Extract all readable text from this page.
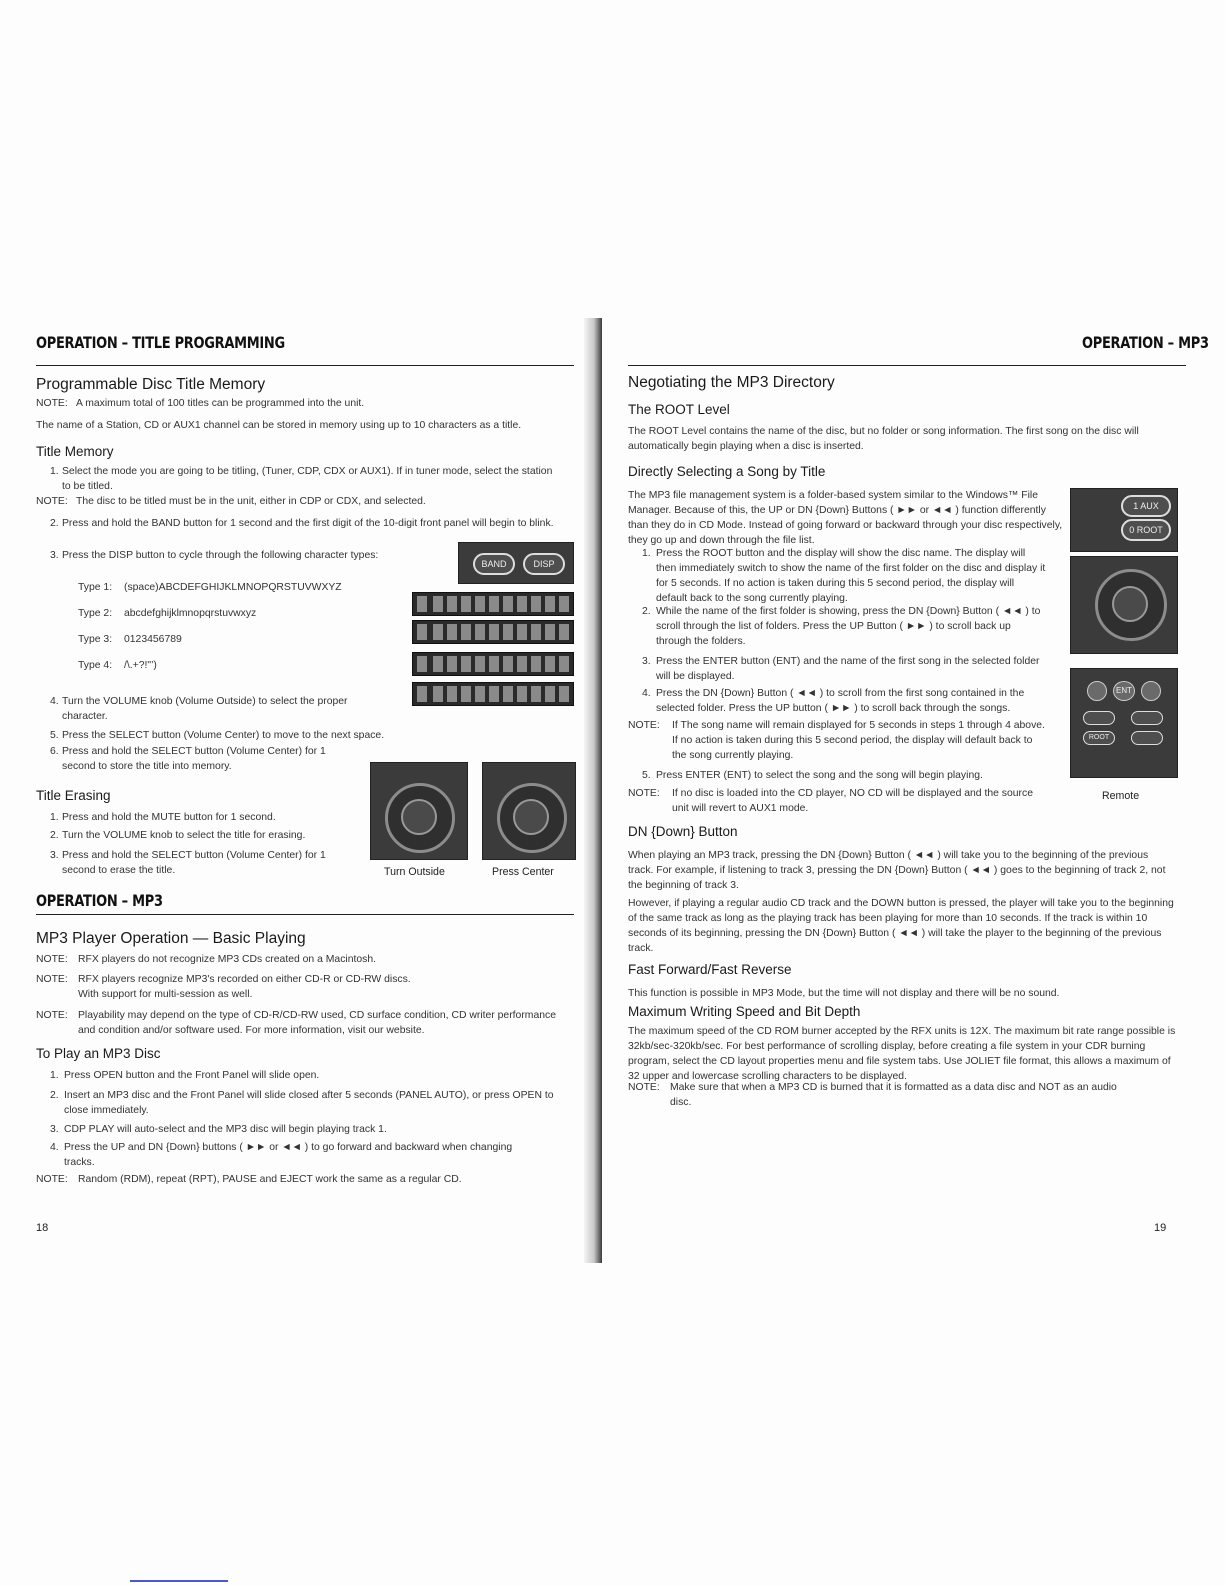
OPERATION – TITLE PROGRAMMING
Programmable Disc Title Memory
NOTE: A maximum total of 100 titles can be programmed into the unit.
The name of a Station, CD or AUX1 channel can be stored in memory using up to 10 characters as a title.
Title Memory
1. Select the mode you are going to be titling, (Tuner, CDP, CDX or AUX1). If in tuner mode, select the station to be titled.
NOTE: The disc to be titled must be in the unit, either in CDP or CDX, and selected.
2. Press and hold the BAND button for 1 second and the first digit of the 10-digit front panel will begin to blink.
3. Press the DISP button to cycle through the following character types:
BAND	DISP
Type 1: (space)ABCDEFGHIJKLMNOPQRSTUVWXYZ
Type 2: abcdefghijklmnopqrstuvwxyz
Type 3: 0123456789
Type 4: /\.+?!"’)
4. Turn the VOLUME knob (Volume Outside) to select the proper character.
5. Press the SELECT button (Volume Center) to move to the next space.
6. Press and hold the SELECT button (Volume Center) for 1 second to store the title into memory.
Title Erasing
1. Press and hold the MUTE button for 1 second.
2. Turn the VOLUME knob to select the title for erasing.
3. Press and hold the SELECT button (Volume Center) for 1 second to erase the title.	Turn Outside	Press Center
OPERATION – MP3
MP3 Player Operation — Basic Playing
NOTE: RFX players do not recognize MP3 CDs created on a Macintosh.
NOTE: RFX players recognize MP3's recorded on either CD-R or CD-RW discs. With support for multi-session as well.
NOTE: Playability may depend on the type of CD-R/CD-RW used, CD surface condition, CD writer performance and condition and/or software used. For more information, visit our website.
To Play an MP3 Disc
1. Press OPEN button and the Front Panel will slide open.
2. Insert an MP3 disc and the Front Panel will slide closed after 5 seconds (PANEL AUTO), or press OPEN to close immediately.
3. CDP PLAY will auto-select and the MP3 disc will begin playing track 1.
4. Press the UP and DN {Down} buttons ( ►► or ◄◄ ) to go forward and backward when changing tracks.
NOTE: Random (RDM), repeat (RPT), PAUSE and EJECT work the same as a regular CD.
18
OPERATION – MP3
Negotiating the MP3 Directory
The ROOT Level
The ROOT Level contains the name of the disc, but no folder or song information. The first song on the disc will automatically begin playing when a disc is inserted.
Directly Selecting a Song by Title
The MP3 file management system is a folder-based system similar to the Windows™ File Manager. Because of this, the UP or DN {Down} Buttons ( ►► or ◄◄ ) function differently than they do in CD Mode. Instead of going forward or backward through your disc respectively, they go up and down through the file list.
1. Press the ROOT button and the display will show the disc name. The display will then immediately switch to show the name of the first folder on the disc and display it for 5 seconds. If no action is taken during this 5 second period, the display will default back to the song currently playing.
2. While the name of the first folder is showing, press the DN {Down} Button ( ◄◄ ) to scroll through the list of folders. Press the UP Button ( ►► ) to scroll back up through the folders.
3. Press the ENTER button (ENT) and the name of the first song in the selected folder will be displayed.
4. Press the DN {Down} Button ( ◄◄ ) to scroll from the first song contained in the selected folder. Press the UP button ( ►► ) to scroll back through the songs.
NOTE: If The song name will remain displayed for 5 seconds in steps 1 through 4 above. If no action is taken during this 5 second period, the display will default back to the song currently playing.
5. Press ENTER (ENT) to select the song and the song will begin playing.
NOTE: If no disc is loaded into the CD player, NO CD will be displayed and the source unit will revert to AUX1 mode.
1 AUX
0 ROOT
ENT
ROOT
Remote
DN {Down} Button
When playing an MP3 track, pressing the DN {Down} Button ( ◄◄ ) will take you to the beginning of the previous track. For example, if listening to track 3, pressing the DN {Down} Button ( ◄◄ ) goes to the beginning of track 2, not the beginning of track 3.
However, if playing a regular audio CD track and the DOWN button is pressed, the player will take you to the beginning of the same track as long as the playing track has been playing for more than 10 seconds. If the track is within 10 seconds of its beginning, pressing the DN {Down} Button ( ◄◄ ) will take the player to the beginning of the previous track.
Fast Forward/Fast Reverse
This function is possible in MP3 Mode, but the time will not display and there will be no sound.
Maximum Writing Speed and Bit Depth
The maximum speed of the CD ROM burner accepted by the RFX units is 12X. The maximum bit rate range possible is 32kb/sec-320kb/sec. For best performance of scrolling display, before creating a file system in your CDR burning program, select the CD layout properties menu and file system tabs. Use JOLIET file format, this allows a maximum of 32 upper and lowercase scrolling characters to be displayed.
NOTE: Make sure that when a MP3 CD is burned that it is formatted as a data disc and NOT as an audio disc.
19
